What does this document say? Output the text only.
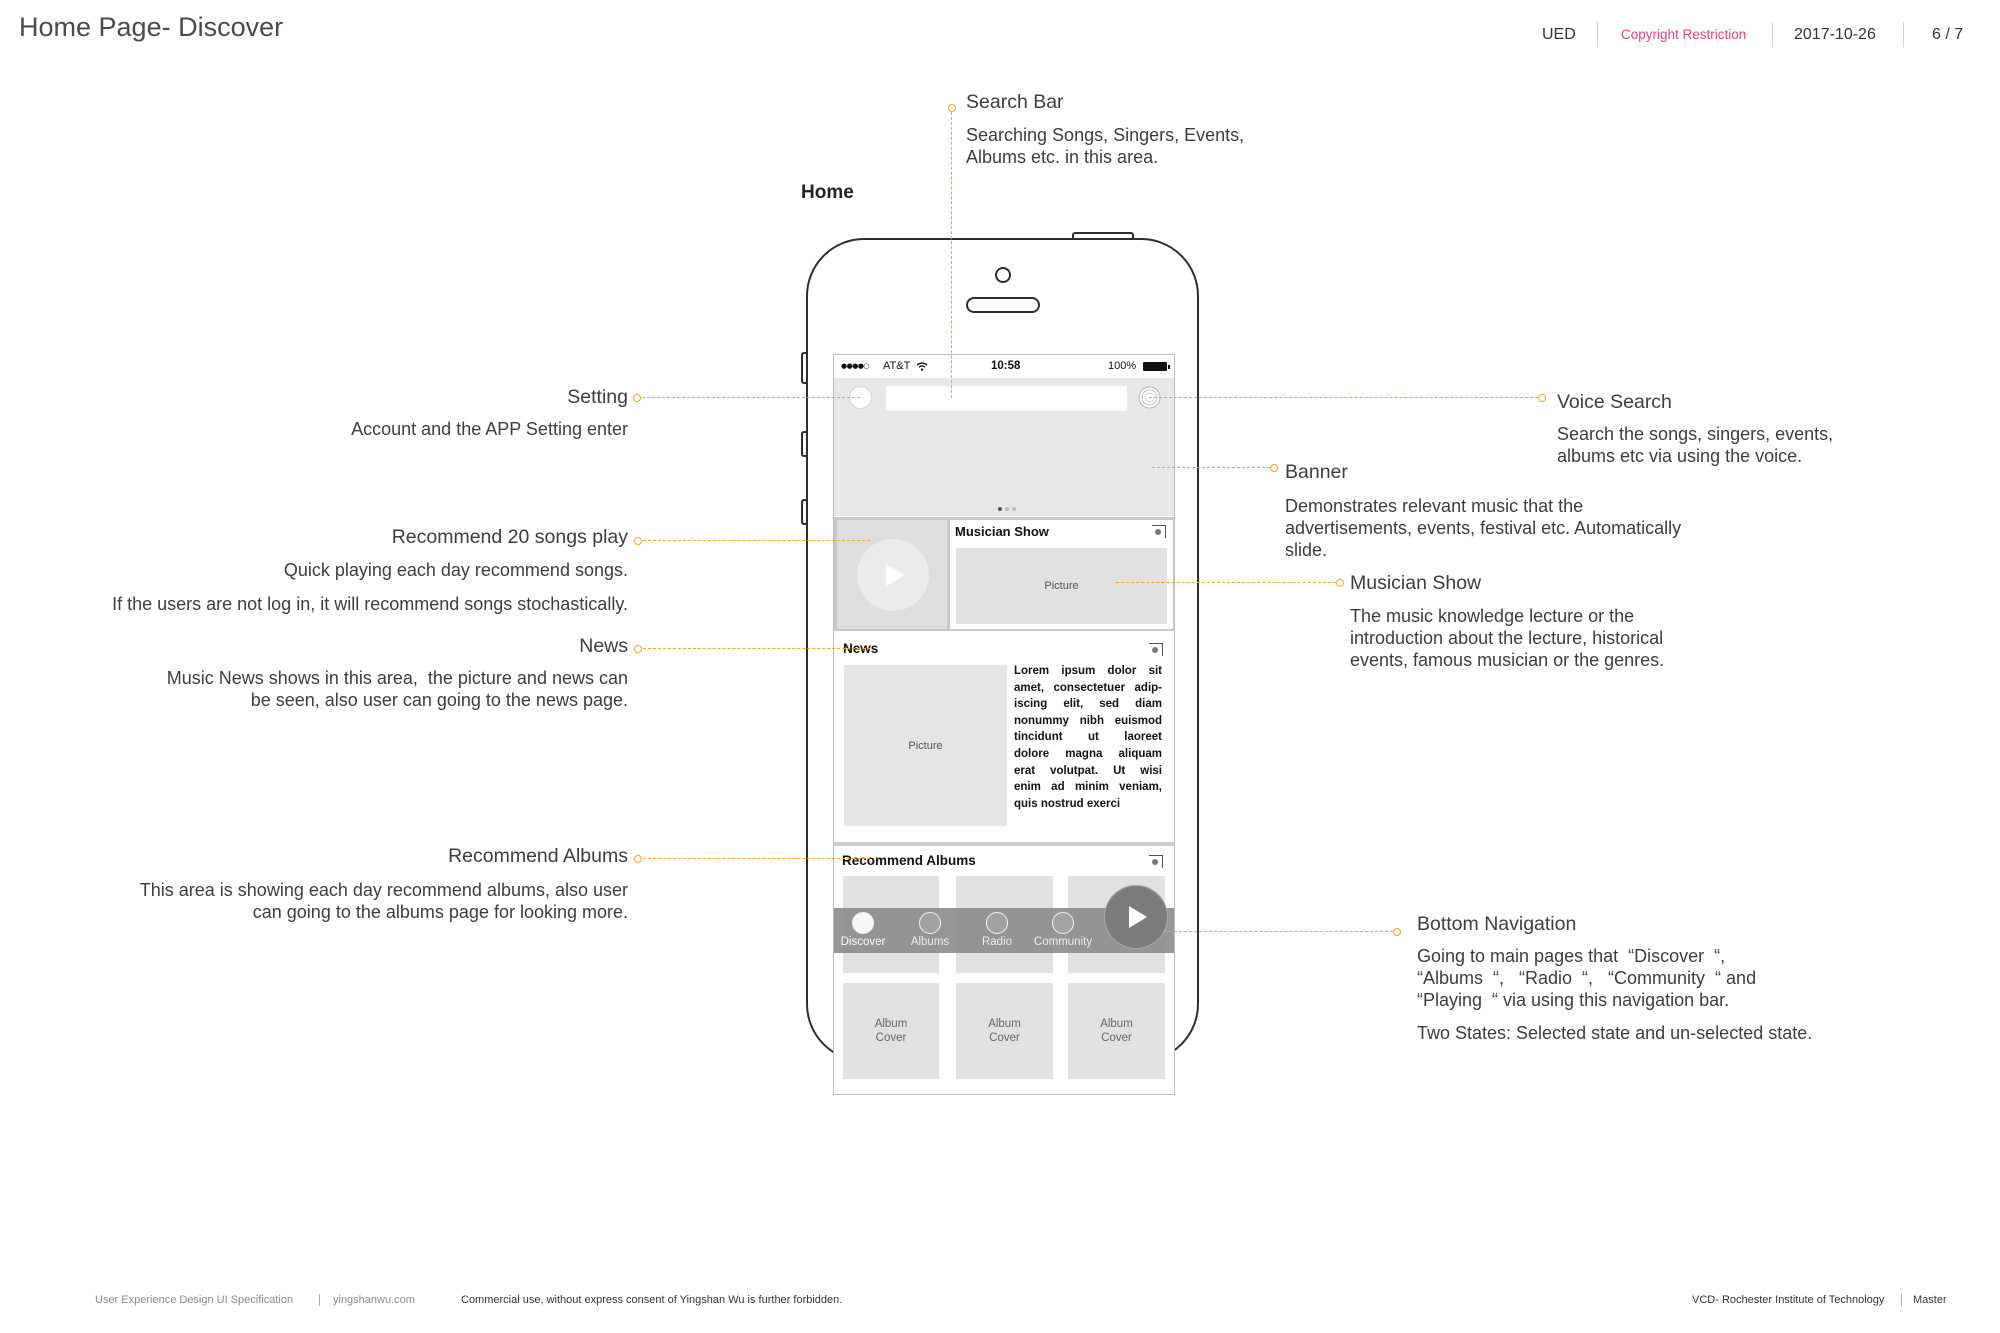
Home Page- Discover	UED	Copyright Restriction	2017-10-26	6 / 7
Home
●●●●○ AT&T	10:58	100%
Musician Show
Picture
News
Picture
Lorem ipsum dolor sit
amet, consectetuer adip-
iscing elit, sed diam
nonummy nibh euismod
tincidunt ut laoreet
dolore magna aliquam
erat volutpat. Ut wisi
enim ad minim veniam,
quis nostrud exerci
Recommend Albums
Album Cover
Album Cover
Album Cover
Discover	Albums	Radio	Community
Search Bar
Searching Songs, Singers, Events,
Albums etc. in this area.
Setting
Account and the APP Setting enter
Voice Search
Search the songs, singers, events,
albums etc via using the voice.
Banner
Demonstrates relevant music that the
advertisements, events, festival etc. Automatically
slide.
Recommend 20 songs play
Quick playing each day recommend songs.
If the users are not log in, it will recommend songs stochastically.
Musician Show
The music knowledge lecture or the
introduction about the lecture, historical
events, famous musician or the genres.
News
Music News shows in this area,  the picture and news can
be seen, also user can going to the news page.
Recommend Albums
This area is showing each day recommend albums, also user
can going to the albums page for looking more.
Bottom Navigation
Going to main pages that  “Discover  “,
“Albums  “,   “Radio  “,   “Community  “ and
“Playing  “ via using this navigation bar.
Two States: Selected state and un-selected state.
User Experience Design UI Specification	yingshanwu.com	Commercial use, without express consent of Yingshan Wu is further forbidden.	VCD- Rochester Institute of Technology	Master
